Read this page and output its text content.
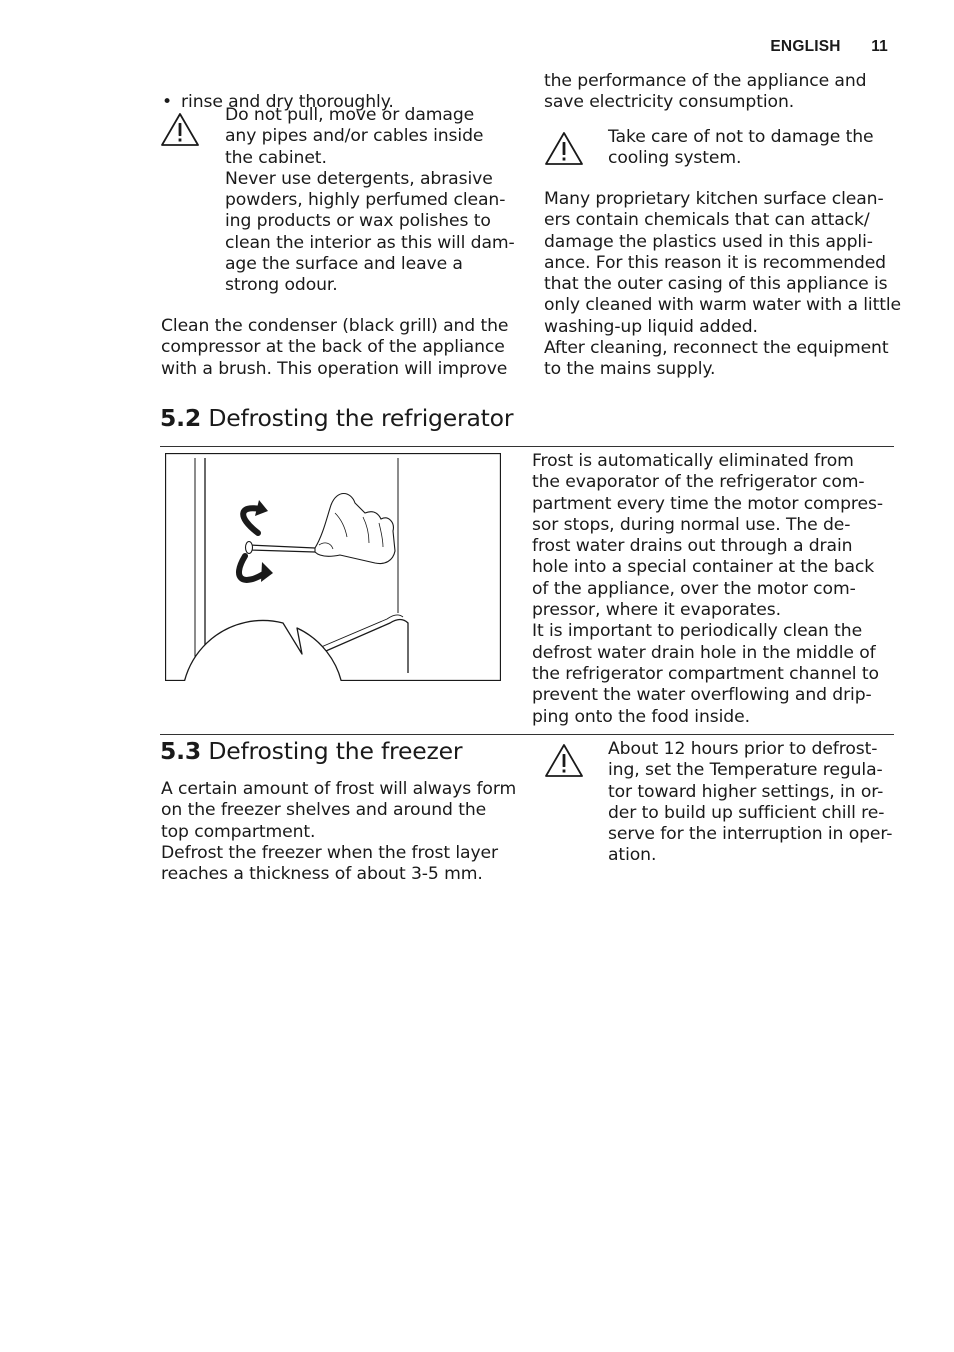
ENGLISH 11

• rinse and dry thoroughly.

Do not pull, move or damage
any pipes and/or cables inside
the cabinet.
Never use detergents, abrasive
powders, highly perfumed clean-
ing products or wax polishes to
clean the interior as this will dam-
age the surface and leave a
strong odour.
Clean the condenser (black grill) and the
compressor at the back of the appliance
with a brush. This operation will improve
the performance of the appliance and
save electricity consumption.
Take care of not to damage the
cooling system.
Many proprietary kitchen surface clean-
ers contain chemicals that can attack/
damage the plastics used in this appli-
ance. For this reason it is recommended
that the outer casing of this appliance is
only cleaned with warm water with a little
washing-up liquid added.
After cleaning, reconnect the equipment
to the mains supply.
5.2 Defrosting the refrigerator
Frost is automatically eliminated from
the evaporator of the refrigerator com-
partment every time the motor compres-
sor stops, during normal use. The de-
frost water drains out through a drain
hole into a special container at the back
of the appliance, over the motor com-
pressor, where it evaporates.
It is important to periodically clean the
defrost water drain hole in the middle of
the refrigerator compartment channel to
prevent the water overflowing and drip-
ping onto the food inside.
5.3 Defrosting the freezer
A certain amount of frost will always form
on the freezer shelves and around the
top compartment.
Defrost the freezer when the frost layer
reaches a thickness of about 3-5 mm.
About 12 hours prior to defrost-
ing, set the Temperature regula-
tor toward higher settings, in or-
der to build up sufficient chill re-
serve for the interruption in oper-
ation.
